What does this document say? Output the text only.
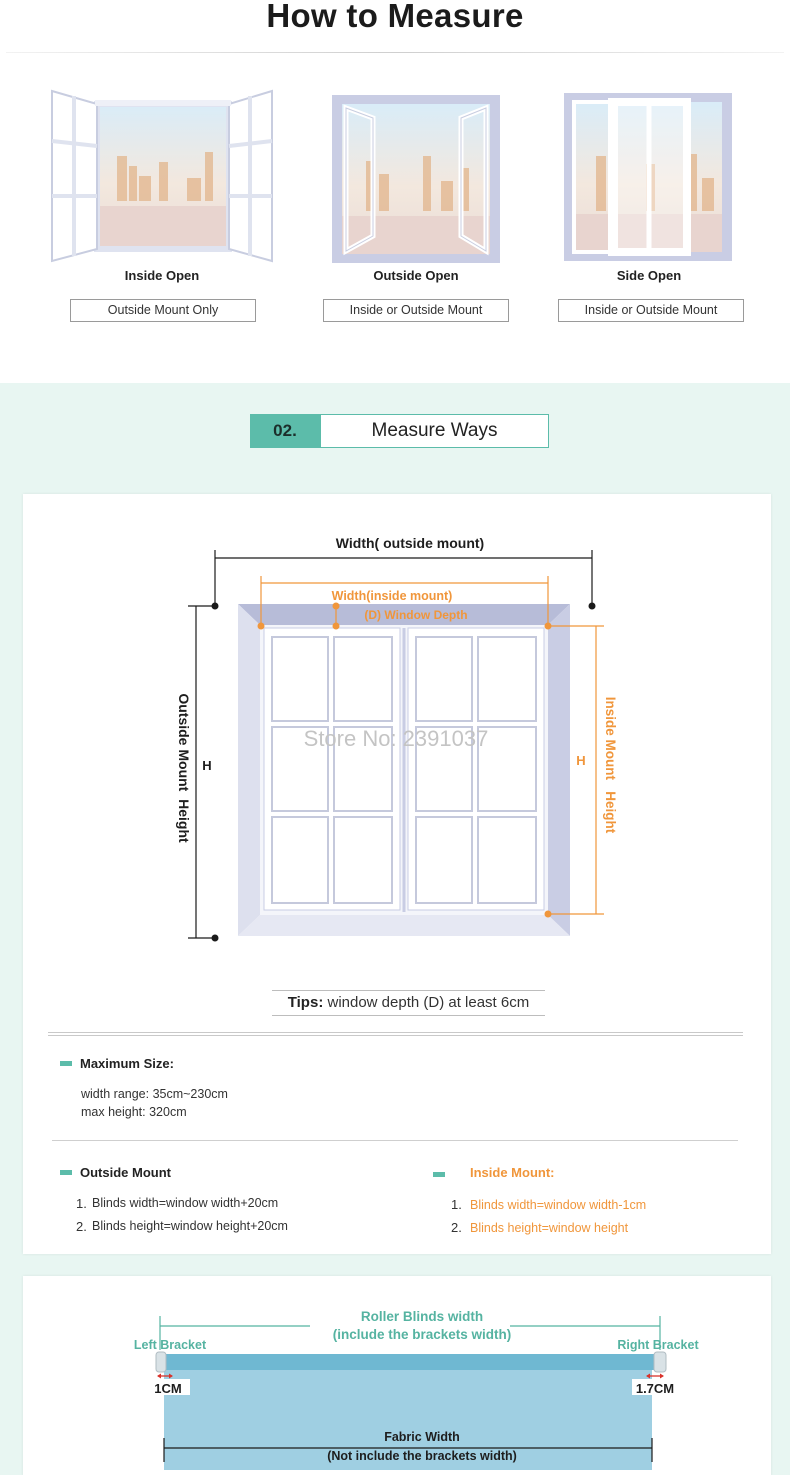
How to Measure
Inside Open
Outside Mount Only
Outside Open
Inside or Outside Mount
Side Open
Inside or Outside Mount
02.	Measure Ways
Width( outside mount)
Width(inside mount)
(D) Window Depth
Outside Mount  Height H	Inside Mount   Height
H
Store No: 2391037
Tips: window depth (D) at least 6cm
Maximum Size:
width range: 35cm~230cm
max height: 320cm
Outside Mount
1. Blinds width=window width+20cm
2. Blinds height=window height+20cm
Inside Mount:
1. Blinds width=window width-1cm
2. Blinds height=window height
Roller Blinds width
(include the brackets width)
Left Bracket	Right Bracket
1CM	1.7CM
Fabric Width
(Not include the brackets width)
